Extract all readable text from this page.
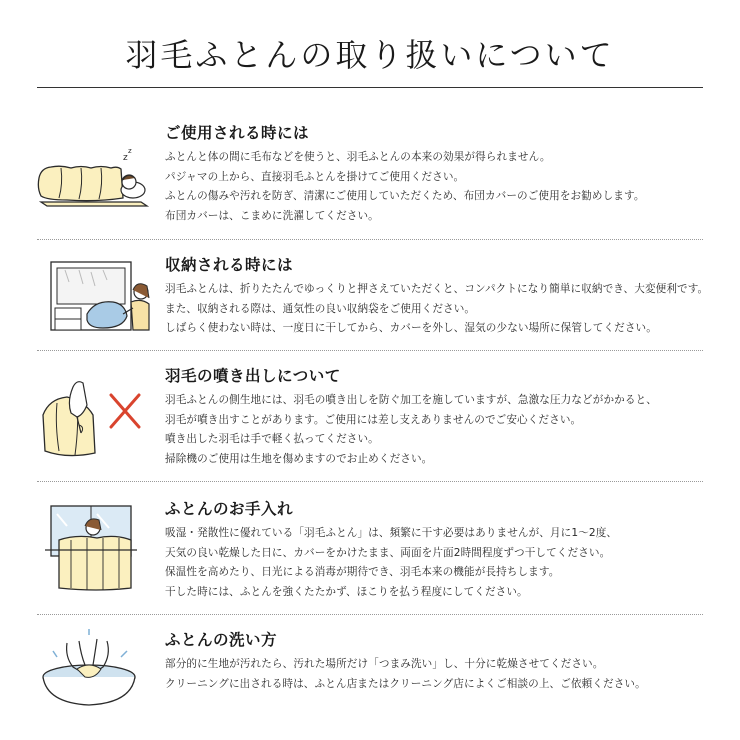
羽毛ふとんの取り扱いについて
z
z
ご使用される時には
ふとんと体の間に毛布などを使うと、羽毛ふとんの本来の効果が得られません。
パジャマの上から、直接羽毛ふとんを掛けてご使用ください。
ふとんの傷みや汚れを防ぎ、清潔にご使用していただくため、布団カバーのご使用をお勧めします。
布団カバーは、こまめに洗濯してください。
収納される時には
羽毛ふとんは、折りたたんでゆっくりと押さえていただくと、コンパクトになり簡単に収納でき、大変便利です。
また、収納される際は、通気性の良い収納袋をご使用ください。
しばらく使わない時は、一度日に干してから、カバーを外し、湿気の少ない場所に保管してください。
羽毛の噴き出しについて
羽毛ふとんの側生地には、羽毛の噴き出しを防ぐ加工を施していますが、急激な圧力などがかかると、
羽毛が噴き出すことがあります。ご使用には差し支えありませんのでご安心ください。
噴き出した羽毛は手で軽く払ってください。
掃除機のご使用は生地を傷めますのでお止めください。
ふとんのお手入れ
吸湿・発散性に優れている「羽毛ふとん」は、頻繁に干す必要はありませんが、月に1〜2度、
天気の良い乾燥した日に、カバーをかけたまま、両面を片面2時間程度ずつ干してください。
保温性を高めたり、日光による消毒が期待でき、羽毛本来の機能が長持ちします。
干した時には、ふとんを強くたたかず、ほこりを払う程度にしてください。
ふとんの洗い方
部分的に生地が汚れたら、汚れた場所だけ「つまみ洗い」し、十分に乾燥させてください。
クリーニングに出される時は、ふとん店またはクリーニング店によくご相談の上、ご依頼ください。
